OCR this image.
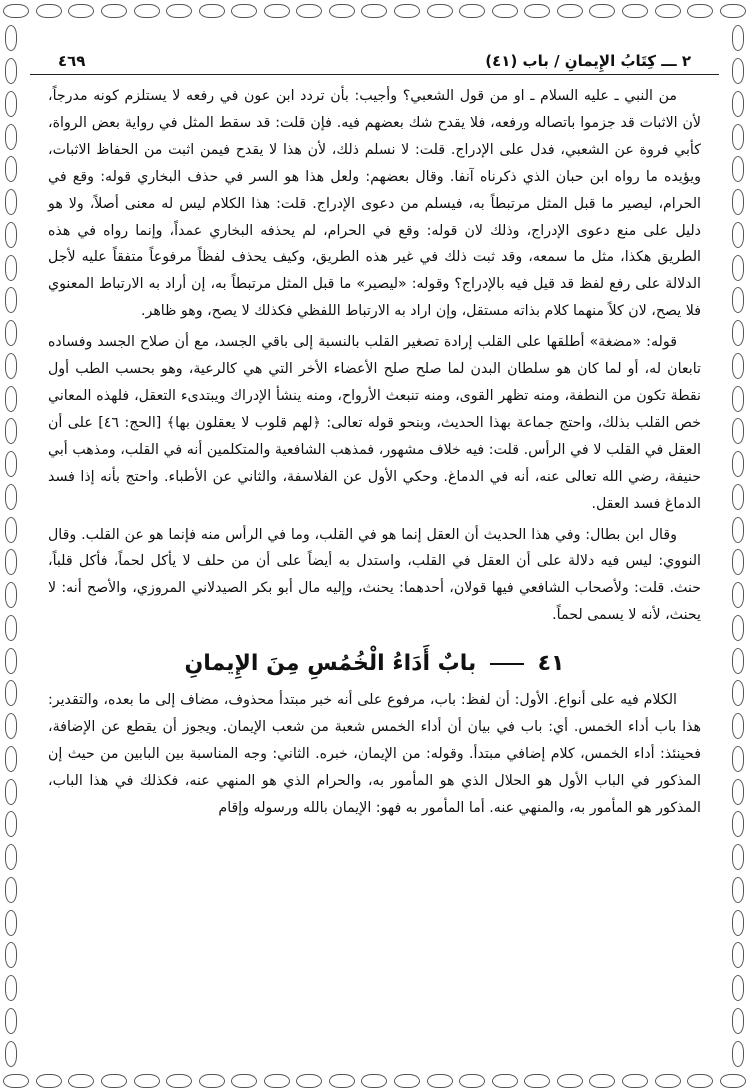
٢ ـــ كِتَابُ الإِيمانِ / باب (٤١)
٤٦٩

من النبي ـ عليه السلام ـ او من قول الشعبي؟ وأجيب: بأن تردد ابن عون في رفعه لا يستلزم كونه مدرجاً، لأن الاثبات قد جزموا باتصاله ورفعه، فلا يقدح شك بعضهم فيه. فإن قلت: قد سقط المثل في رواية بعض الرواة، كأبي فروة عن الشعبي، فدل على الإدراج. قلت: لا نسلم ذلك، لأن هذا لا يقدح فيمن اثبت من الحفاظ الاثبات، ويؤيده ما رواه ابن حبان الذي ذكرناه آنفا. وقال بعضهم: ولعل هذا هو السر في حذف البخاري قوله: وقع في الحرام، ليصير ما قبل المثل مرتبطاً به، فيسلم من دعوى الإدراج. قلت: هذا الكلام ليس له معنى أصلاً، ولا هو دليل على منع دعوى الإدراج، وذلك لان قوله: وقع في الحرام، لم يحذفه البخاري عمداً، وإنما رواه في هذه الطريق هكذا، مثل ما سمعه، وقد ثبت ذلك في غير هذه الطريق، وكيف يحذف لفظاً مرفوعاً متفقاً عليه لأجل الدلالة على رفع لفظ قد قيل فيه بالإدراج؟ وقوله: «ليصير» ما قبل المثل مرتبطاً به، إن أراد به الارتباط المعنوي فلا يصح، لان كلاً منهما كلام بذاته مستقل، وإن اراد به الارتباط اللفظي فكذلك لا يصح، وهو ظاهر.

قوله: «مضغة» أطلقها على القلب إرادة تصغير القلب بالنسبة إلى باقي الجسد، مع أن صلاح الجسد وفساده تابعان له، أو لما كان هو سلطان البدن لما صلح صلح الأعضاء الأخر التي هي كالرعية، وهو بحسب الطب أول نقطة تكون من النطفة، ومنه تظهر القوى، ومنه تنبعث الأرواح، ومنه ينشأ الإدراك ويبتدىء التعقل، فلهذه المعاني خص القلب بذلك، واحتج جماعة بهذا الحديث، وبنحو قوله تعالى: ﴿لهم قلوب لا يعقلون بها﴾ [الحج: ٤٦] على أن العقل في القلب لا في الرأس. قلت: فيه خلاف مشهور، فمذهب الشافعية والمتكلمين أنه في القلب، ومذهب أبي حنيفة، رضي الله تعالى عنه، أنه في الدماغ. وحكي الأول عن الفلاسفة، والثاني عن الأطباء. واحتج بأنه إذا فسد الدماغ فسد العقل.

وقال ابن بطال: وفي هذا الحديث أن العقل إنما هو في القلب، وما في الرأس منه فإنما هو عن القلب. وقال النووي: ليس فيه دلالة على أن العقل في القلب، واستدل به أيضاً على أن من حلف لا يأكل لحماً، فأكل قلباً، حنث. قلت: ولأصحاب الشافعي فيها قولان، أحدهما: يحنث، وإليه مال أبو بكر الصيدلاني المروزي، والأصح أنه: لا يحنث، لأنه لا يسمى لحماً.

٤١  بابٌ أَدَاءُ الْخُمُسِ مِنَ الإِيمانِ

الكلام فيه على أنواع. الأول: أن لفظ: باب، مرفوع على أنه خبر مبتدأ محذوف، مضاف إلى ما بعده، والتقدير: هذا باب أداء الخمس. أي: باب في بيان أن أداء الخمس شعبة من شعب الإيمان. ويجوز أن يقطع عن الإضافة، فحينئذ: أداء الخمس، كلام إضافي مبتدأ. وقوله: من الإيمان، خبره. الثاني: وجه المناسبة بين البابين من حيث إن المذكور في الباب الأول هو الحلال الذي هو المأمور به، والحرام الذي هو المنهي عنه، فكذلك في هذا الباب، المذكور هو المأمور به، والمنهي عنه. أما المأمور به فهو: الإيمان بالله ورسوله وإقام
